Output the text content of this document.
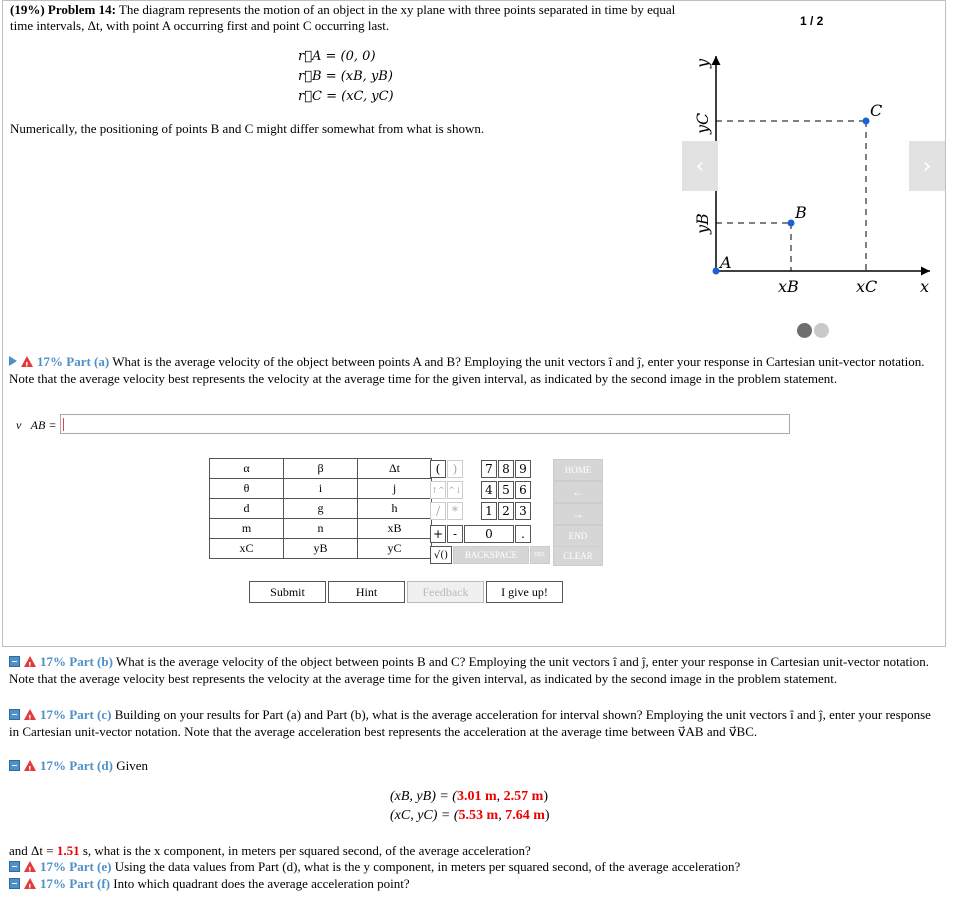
(19%) Problem 14: The diagram represents the motion of an object in the xy plane with three points separated in time by equal time intervals, Δt, with point A occurring first and point C occurring last.
r⃗A = (0, 0)
r⃗B = (xB, yB)
r⃗C = (xC, yC)
Numerically, the positioning of points B and C might differ somewhat from what is shown.
1 / 2
A
B
C
xB	xC	x
y
yC
yB
‹	›
!17% Part (a) What is the average velocity of the object between points A and B? Employing the unit vectors î and ĵ, enter your response in Cartesian unit-vector notation. Note that the average velocity best represents the velocity at the average time for the given interval, as indicated by the second image in the problem statement.
v⃗AB =
α	β	Δt
θ	i	j
d	g	h
m	n	xB
xC	yB	yC
(	)	7 8 9
↑^ ^↓	4 5 6
/ *	1 2 3
+ -	0	.
√()	BACKSPACE	DEL
HOME
←
→
END
CLEAR
Submit	Hint	Feedback	I give up!
!17% Part (b) What is the average velocity of the object between points B and C? Employing the unit vectors î and ĵ, enter your response in Cartesian unit-vector notation. Note that the average velocity best represents the velocity at the average time for the given interval, as indicated by the second image in the problem statement.
!17% Part (c) Building on your results for Part (a) and Part (b), what is the average acceleration for interval shown? Employing the unit vectors î and ĵ, enter your response in Cartesian unit-vector notation. Note that the average acceleration best represents the acceleration at the average time between v⃗AB and v⃗BC.
!17% Part (d) Given
(xB, yB) = (3.01 m, 2.57 m)
(xC, yC) = (5.53 m, 7.64 m)
and Δt = 1.51 s, what is the x component, in meters per squared second, of the average acceleration?
!17% Part (e) Using the data values from Part (d), what is the y component, in meters per squared second, of the average acceleration?
!17% Part (f) Into which quadrant does the average acceleration point?
